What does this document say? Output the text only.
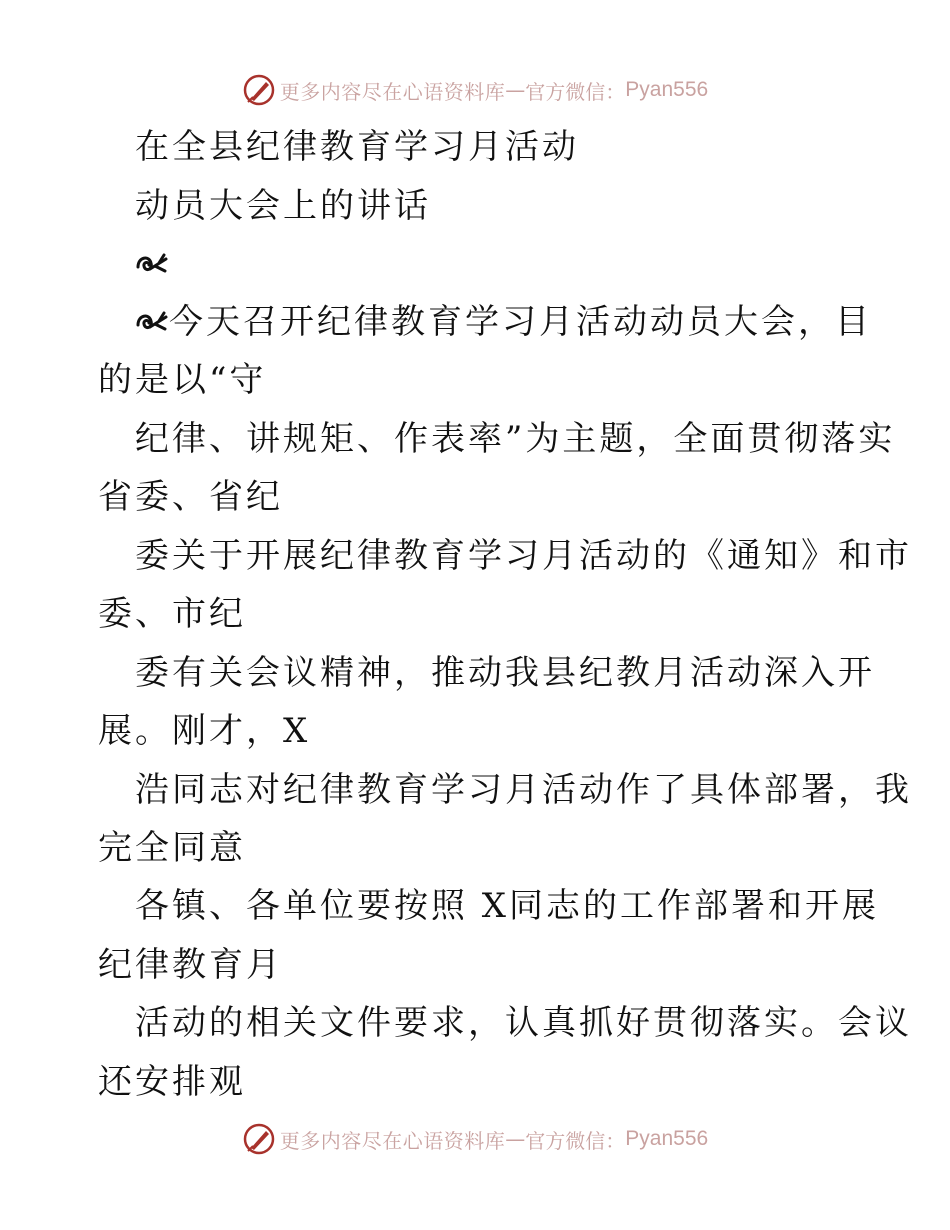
更多内容尽在心语资料库 — 官方微信： Pyan556
在全县纪律教育学习月活动
动员大会上的讲话
今天召开纪律教育学习月活动动员大会，目
的是以“守
纪律、讲规矩、作表率”为主题，全面贯彻落实
省委、省纪
委关于开展纪律教育学习月活动的《通知》和市
委、市纪
委有关会议精神，推动我县纪教月活动深入开
展。刚才，X
浩同志对纪律教育学习月活动作了具体部署，我
完全同意
各镇、各单位要按照 X同志的工作部署和开展
纪律教育月
活动的相关文件要求，认真抓好贯彻落实。会议
还安排观
更多内容尽在心语资料库 — 官方微信： Pyan556
